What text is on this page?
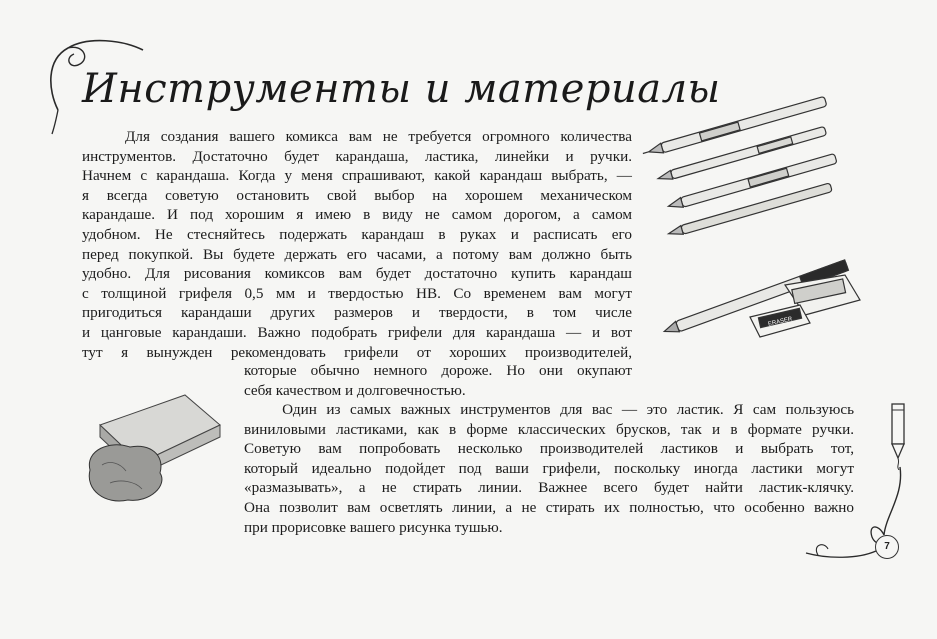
Инструменты и материалы
Для создания вашего комикса вам не требуется огромного количества
инструментов. Достаточно будет карандаша, ластика, линейки и ручки.
Начнем с карандаша. Когда у меня спрашивают, какой карандаш выбрать, —
я всегда советую остановить свой выбор на хорошем механическом
карандаше. И под хорошим я имею в виду не самом дорогом, а самом
удобном. Не стесняйтесь подержать карандаш в руках и расписать его
перед покупкой. Вы будете держать его часами, а потому вам должно быть
удобно. Для рисования комиксов вам будет достаточно купить карандаш
с толщиной грифеля 0,5 мм и твердостью HB. Со временем вам могут
пригодиться карандаши других размеров и твердости, в том числе
и цанговые карандаши. Важно подобрать грифели для карандаша — и вот
тут я вынужден рекомендовать грифели от хороших производителей,
которые обычно немного дороже. Но они окупают
себя качеством и долговечностью.
Один из самых важных инструментов для вас — это ластик. Я сам пользуюсь
виниловыми ластиками, как в форме классических брусков, так и в формате ручки.
Советую вам попробовать несколько производителей ластиков и выбрать тот,
который идеально подойдет под ваши грифели, поскольку иногда ластики могут
«размазывать», а не стирать линии. Важнее всего будет найти ластик-клячку.
Она позволит вам осветлять линии, а не стирать их полностью, что особенно важно
при прорисовке вашего рисунка тушью.
ERASER
7
